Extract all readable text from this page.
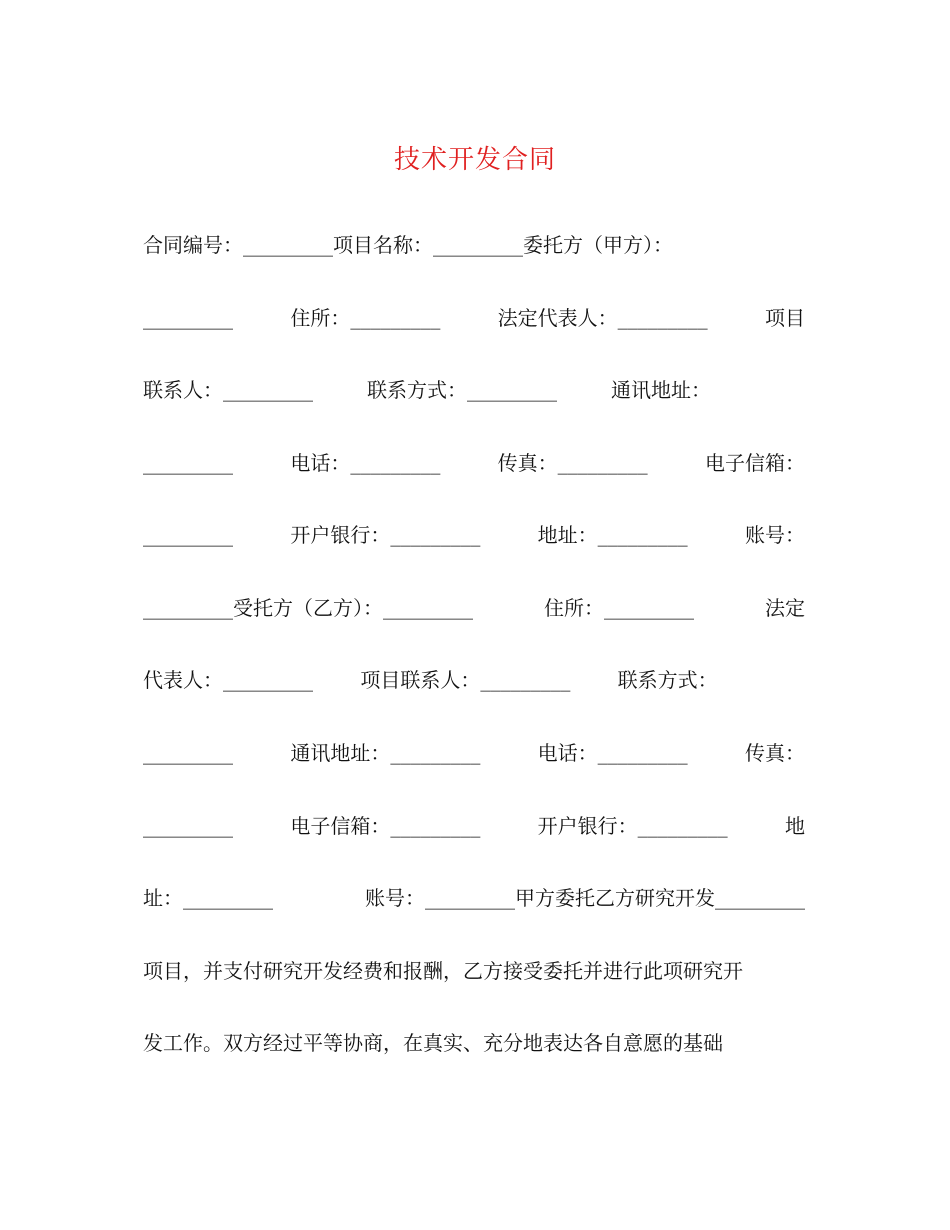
技术开发合同
合同编号：_________项目名称：_________委托方（甲方）：
_________	住所：_________	法定代表人：_________	项目
联系人：_________	联系方式：_________	通讯地址：
_________	电话：_________	传真：_________	电子信箱：
_________	开户银行：_________	地址：_________	账号：
_________受托方（乙方）：_________	住所：_________	法定
代表人：_________ 项目联系人：_________ 联系方式：
_________	通讯地址：_________	电话：_________	传真：
_________	电子信箱：_________	开户银行：_________	地
址：_________	账号：_________甲方委托乙方研究开发_________
项目，并支付研究开发经费和报酬，乙方接受委托并进行此项研究开
发工作。双方经过平等协商，在真实、充分地表达各自意愿的基础
